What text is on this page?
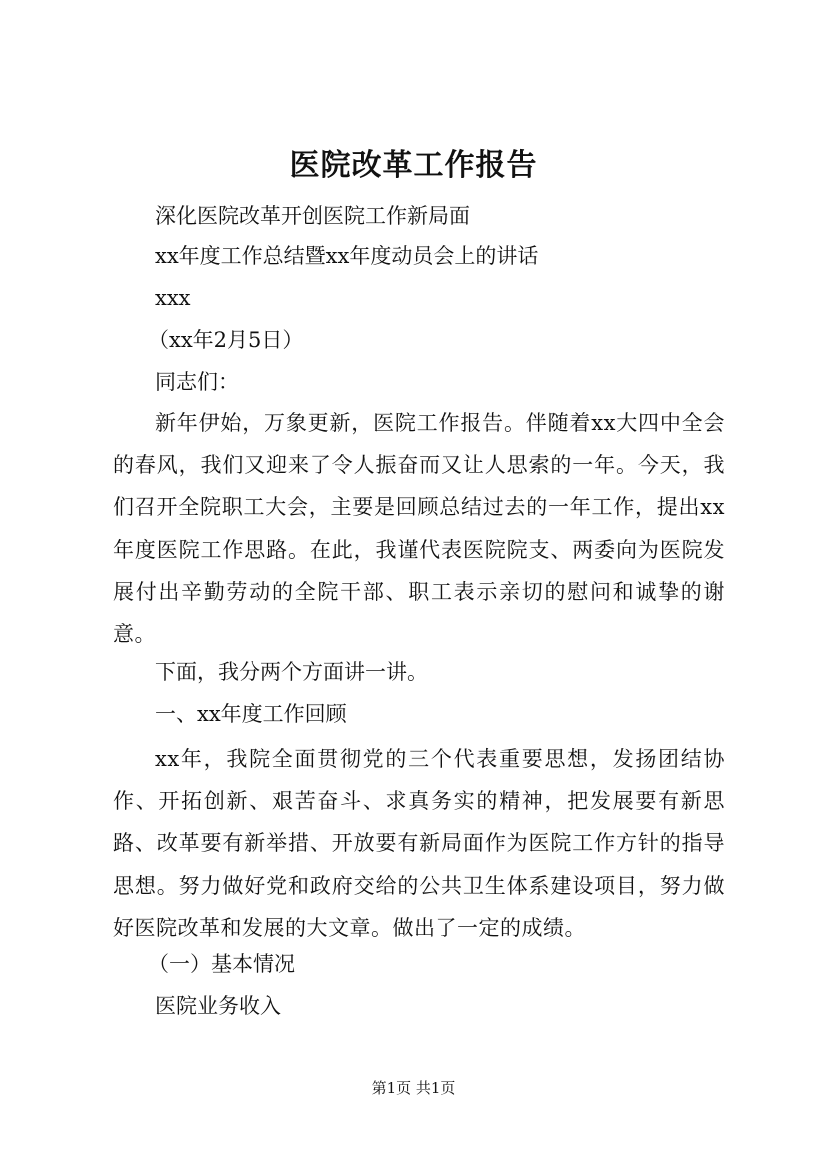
医院改革工作报告

深化医院改革开创医院工作新局面

xx年度工作总结暨xx年度动员会上的讲话

xxx

（xx年2月5日）

同志们：

新年伊始，万象更新，医院工作报告。伴随着xx大四中全会的春风，我们又迎来了令人振奋而又让人思索的一年。今天，我们召开全院职工大会，主要是回顾总结过去的一年工作，提出xx年度医院工作思路。在此，我谨代表医院院支、两委向为医院发展付出辛勤劳动的全院干部、职工表示亲切的慰问和诚挚的谢意。

下面，我分两个方面讲一讲。

一、xx年度工作回顾

xx年，我院全面贯彻党的三个代表重要思想，发扬团结协作、开拓创新、艰苦奋斗、求真务实的精神，把发展要有新思路、改革要有新举措、开放要有新局面作为医院工作方针的指导思想。努力做好党和政府交给的公共卫生体系建设项目，努力做好医院改革和发展的大文章。做出了一定的成绩。

（一）基本情况

医院业务收入

第1页 共1页
